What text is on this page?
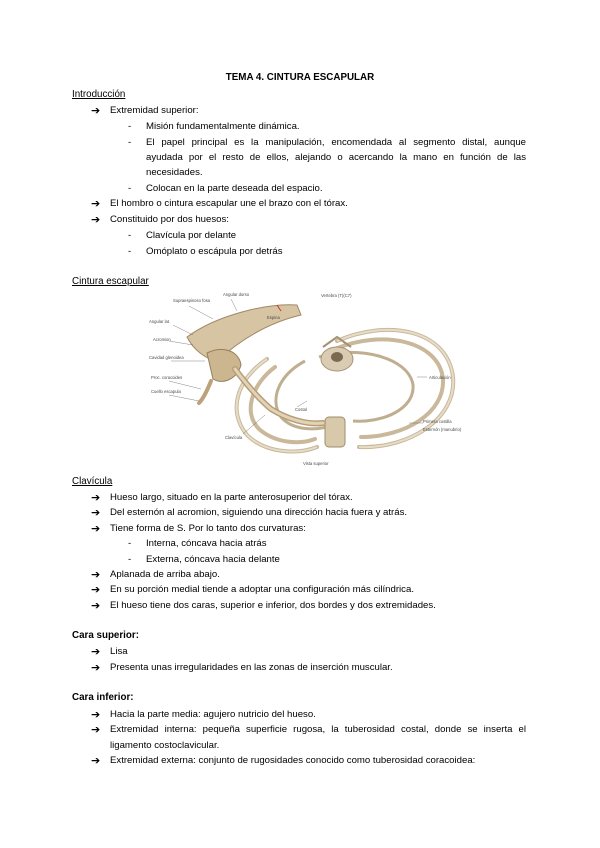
TEMA 4. CINTURA ESCAPULAR
Introducción
➔ Extremidad superior:
- Misión fundamentalmente dinámica.
- El papel principal es la manipulación, encomendada al segmento distal, aunque
ayudada por el resto de ellos, alejando o acercando la mano en función de las
necesidades.
- Colocan en la parte deseada del espacio.
➔ El hombro o cintura escapular une el brazo con el tórax.
➔ Constituido por dos huesos:
- Clavícula por delante
- Omóplato o escápula por detrás
Cintura escapular
Supraespinoso fosa
Angular dorso	Vertebra (T)(C7)
Angular lat.
Acromion
Cavidad glenoidea
Proc. coracoides
Cuello escapula
Espina
Articulación
Costal
Primera costilla
Esternón (manubrio)
Clavícula
Vista superior
Clavícula
➔ Hueso largo, situado en la parte anterosuperior del tórax.
➔ Del esternón al acromion, siguiendo una dirección hacia fuera y atrás.
➔ Tiene forma de S. Por lo tanto dos curvaturas:
- Interna, cóncava hacia atrás
- Externa, cóncava hacia delante
➔ Aplanada de arriba abajo.
➔ En su porción medial tiende a adoptar una configuración más cilíndrica.
➔ El hueso tiene dos caras, superior e inferior, dos bordes y dos extremidades.
Cara superior:
➔ Lisa
➔ Presenta unas irregularidades en las zonas de inserción muscular.
Cara inferior:
➔ Hacia la parte media: agujero nutricio del hueso.
➔ Extremidad interna: pequeña superficie rugosa, la tuberosidad costal, donde se inserta el
ligamento costoclavicular.
➔ Extremidad externa: conjunto de rugosidades conocido como tuberosidad coracoidea:
